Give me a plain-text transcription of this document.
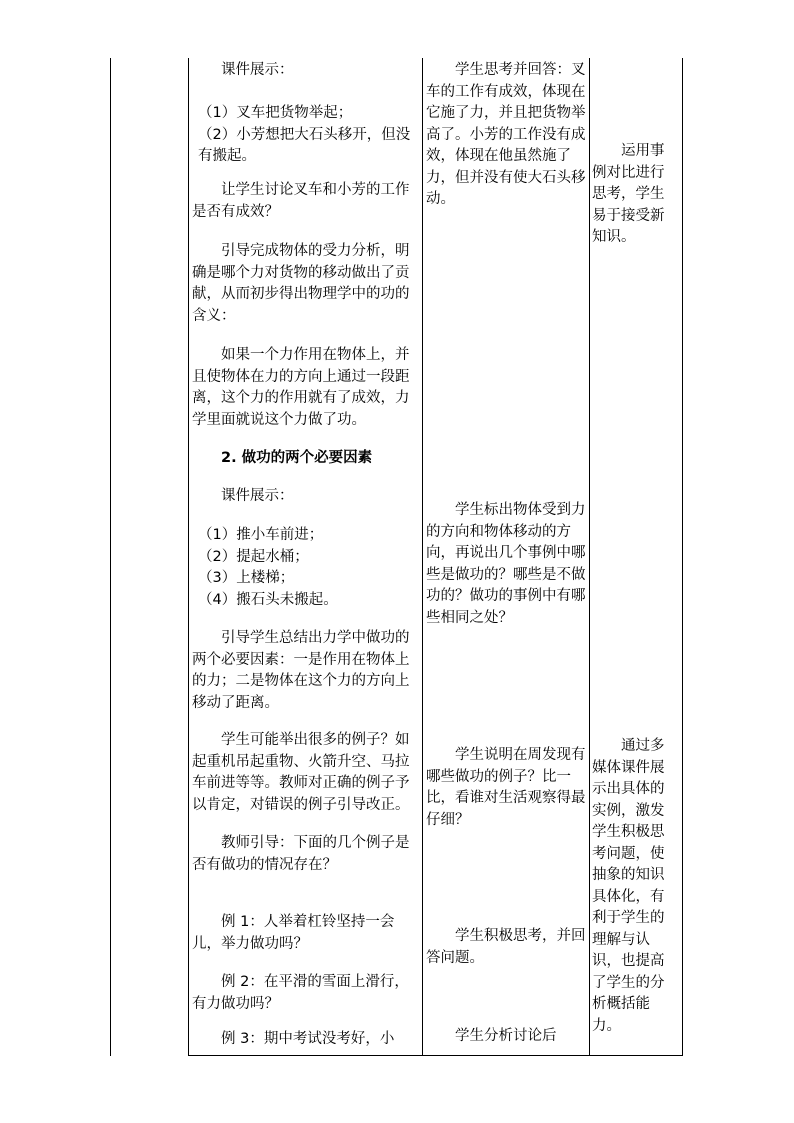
课件展示：

（1）叉车把货物举起；

（2）小芳想把大石头移开，但没有搬起。

让学生讨论叉车和小芳的工作是否有成效？

引导完成物体的受力分析，明确是哪个力对货物的移动做出了贡献，从而初步得出物理学中的功的含义：

如果一个力作用在物体上，并且使物体在力的方向上通过一段距离，这个力的作用就有了成效，力学里面就说这个力做了功。

2. 做功的两个必要因素

课件展示：

（1）推小车前进；

（2）提起水桶；

（3）上楼梯；

（4）搬石头未搬起。

引导学生总结出力学中做功的两个必要因素：一是作用在物体上的力；二是物体在这个力的方向上移动了距离。

学生可能举出很多的例子？如起重机吊起重物、火箭升空、马拉车前进等等。教师对正确的例子予以肯定，对错误的例子引导改正。

教师引导：下面的几个例子是否有做功的情况存在？

例 1：人举着杠铃坚持一会儿，举力做功吗？

例 2：在平滑的雪面上滑行，有力做功吗？

例 3：期中考试没考好，小

学生思考并回答：叉车的工作有成效，体现在它施了力，并且把货物举高了。小芳的工作没有成效，体现在他虽然施了力，但并没有使大石头移动。

学生标出物体受到力的方向和物体移动的方向，再说出几个事例中哪些是做功的？哪些是不做功的？做功的事例中有哪些相同之处？

学生说明在周发现有哪些做功的例子？比一比，看谁对生活观察得最仔细？

学生积极思考，并回答问题。

学生分析讨论后

运用事例对比进行思考，学生易于接受新知识。

通过多媒体课件展示出具体的实例，激发学生积极思考问题，使抽象的知识具体化，有利于学生的理解与认识，也提高了学生的分析概括能力。
